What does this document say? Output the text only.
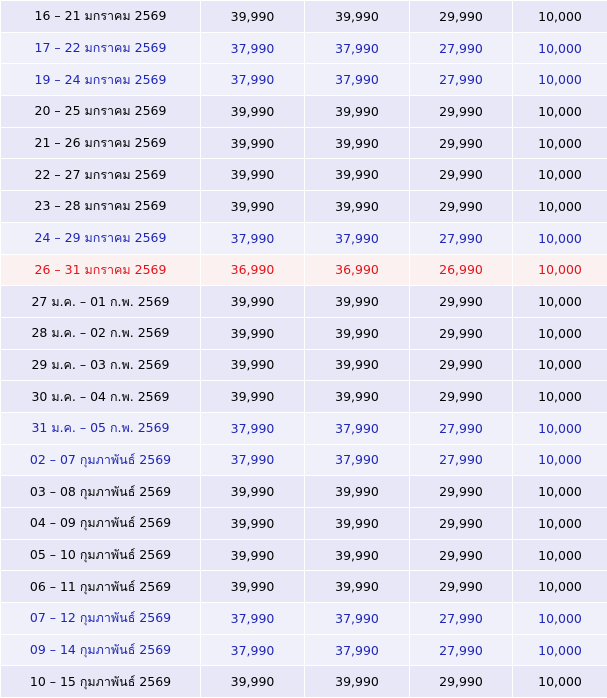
16 – 21 มกราคม 2569	39,990	39,990	29,990	10,000
17 – 22 มกราคม 2569	37,990	37,990	27,990	10,000
19 – 24 มกราคม 2569	37,990	37,990	27,990	10,000
20 – 25 มกราคม 2569	39,990	39,990	29,990	10,000
21 – 26 มกราคม 2569	39,990	39,990	29,990	10,000
22 – 27 มกราคม 2569	39,990	39,990	29,990	10,000
23 – 28 มกราคม 2569	39,990	39,990	29,990	10,000
24 – 29 มกราคม 2569	37,990	37,990	27,990	10,000
26 – 31 มกราคม 2569	36,990	36,990	26,990	10,000
27 ม.ค. – 01 ก.พ. 2569	39,990	39,990	29,990	10,000
28 ม.ค. – 02 ก.พ. 2569	39,990	39,990	29,990	10,000
29 ม.ค. – 03 ก.พ. 2569	39,990	39,990	29,990	10,000
30 ม.ค. – 04 ก.พ. 2569	39,990	39,990	29,990	10,000
31 ม.ค. – 05 ก.พ. 2569	37,990	37,990	27,990	10,000
02 – 07 กุมภาพันธ์ 2569	37,990	37,990	27,990	10,000
03 – 08 กุมภาพันธ์ 2569	39,990	39,990	29,990	10,000
04 – 09 กุมภาพันธ์ 2569	39,990	39,990	29,990	10,000
05 – 10 กุมภาพันธ์ 2569	39,990	39,990	29,990	10,000
06 – 11 กุมภาพันธ์ 2569	39,990	39,990	29,990	10,000
07 – 12 กุมภาพันธ์ 2569	37,990	37,990	27,990	10,000
09 – 14 กุมภาพันธ์ 2569	37,990	37,990	27,990	10,000
10 – 15 กุมภาพันธ์ 2569	39,990	39,990	29,990	10,000
